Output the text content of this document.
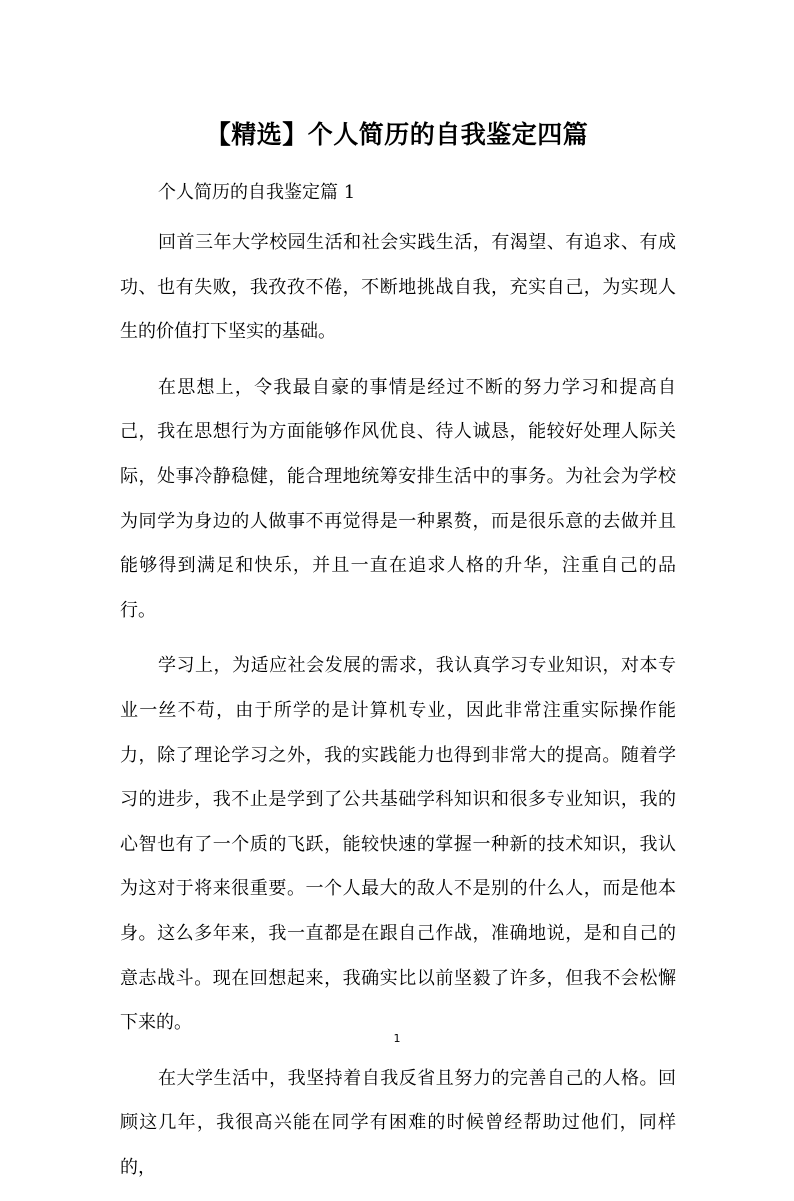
【精选】个人简历的自我鉴定四篇

个人简历的自我鉴定篇 1

回首三年大学校园生活和社会实践生活，有渴望、有追求、有成功、也有失败，我孜孜不倦，不断地挑战自我，充实自己，为实现人生的价值打下坚实的基础。

在思想上，令我最自豪的事情是经过不断的努力学习和提高自己，我在思想行为方面能够作风优良、待人诚恳，能较好处理人际关际，处事冷静稳健，能合理地统筹安排生活中的事务。为社会为学校为同学为身边的人做事不再觉得是一种累赘，而是很乐意的去做并且能够得到满足和快乐，并且一直在追求人格的升华，注重自己的品行。

学习上，为适应社会发展的需求，我认真学习专业知识，对本专业一丝不苟，由于所学的是计算机专业，因此非常注重实际操作能力，除了理论学习之外，我的实践能力也得到非常大的提高。随着学习的进步，我不止是学到了公共基础学科知识和很多专业知识，我的心智也有了一个质的飞跃，能较快速的掌握一种新的技术知识，我认为这对于将来很重要。一个人最大的敌人不是别的什么人，而是他本身。这么多年来，我一直都是在跟自己作战，准确地说，是和自己的意志战斗。现在回想起来，我确实比以前坚毅了许多，但我不会松懈下来的。

在大学生活中，我坚持着自我反省且努力的完善自己的人格。回顾这几年，我很高兴能在同学有困难的时候曾经帮助过他们，同样的，

1
